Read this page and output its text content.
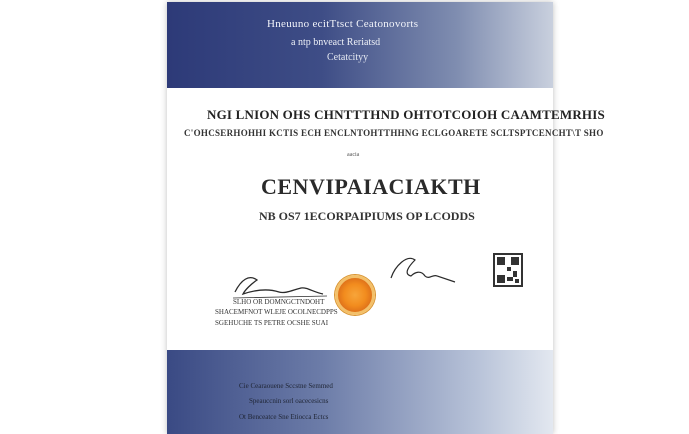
Hneuuno ecitTtsct Ceatonovorts
a ntp bnveact Reriatsd
Cetatcityy
NGI LNION OHS CHNTTTHND OHTOTCOIOH CAAMTEMRHIS
C'OHCSERHOHHI KCTIS ECH ENCLNTOHTTHHNG ECLGOARETE SCLTSPTCENCHT\T SHO
aacia
CENVIPAIACIAKTH
NB OS7 1ECORPAIPIUMS OP LCODDS
SLHO OR DOMNGCTNDOHT
SHACEMFNOT WLEJE OCOLNECDPPS
SGEHUCHE TS PETRE OCSHE SUAI
Cie Cearaouene Sccstne Semmed
Speauccnin sorl oacecesicns
Ot Benceatce Sne Etiocca Ectcs
